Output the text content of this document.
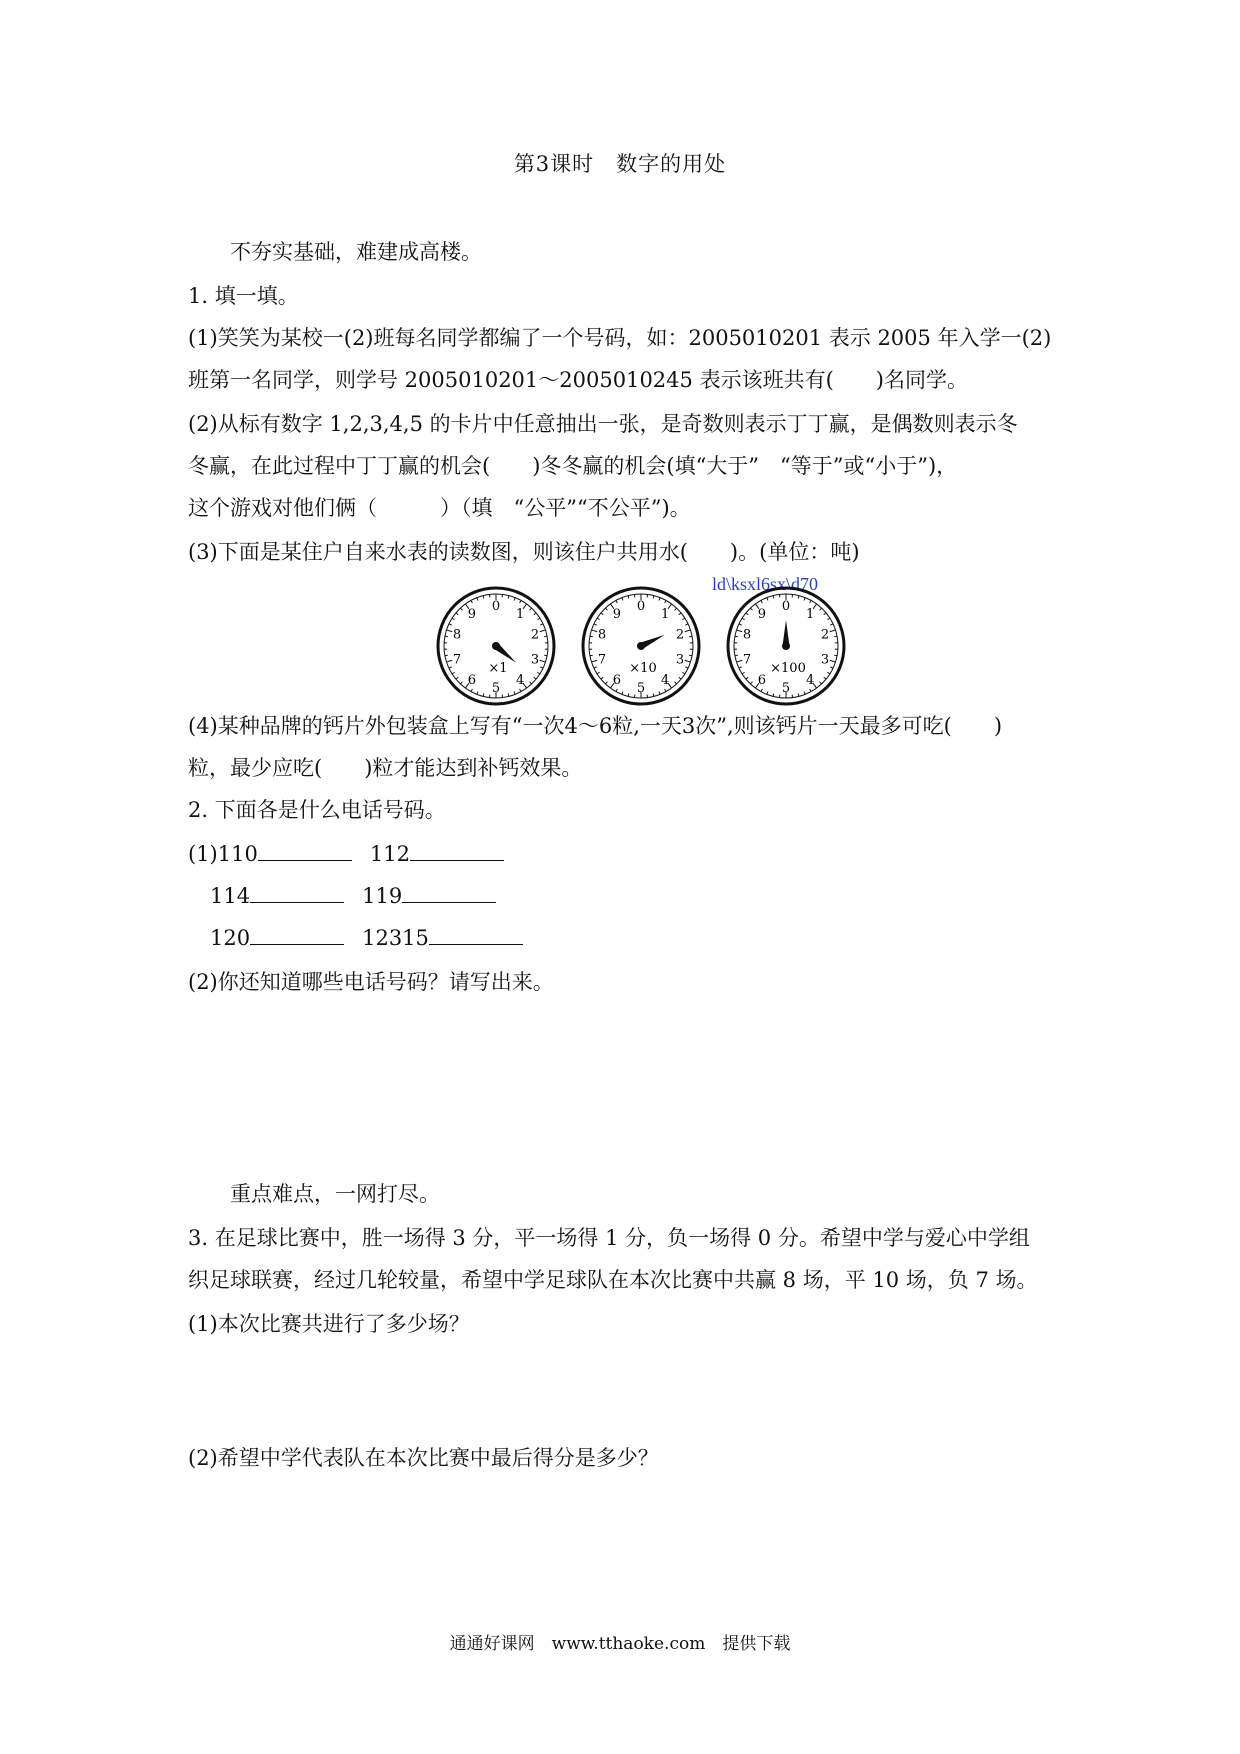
第3课时　数字的用处
不夯实基础，难建成高楼。
1. 填一填。
(1)笑笑为某校一(2)班每名同学都编了一个号码，如：2005010201 表示 2005 年入学一(2)
班第一名同学，则学号 2005010201～2005010245 表示该班共有(　　)名同学。
(2)从标有数字 1,2,3,4,5 的卡片中任意抽出一张，是奇数则表示丁丁赢，是偶数则表示冬
冬赢，在此过程中丁丁赢的机会(　　)冬冬赢的机会(填“大于”　“等于”或“小于”)，
这个游戏对他们俩（　　　）（填　“公平”“不公平”)。
(3)下面是某住户自来水表的读数图，则该住户共用水(　　)。(单位：吨)
ld\ksxl6sx\d70
0
1
2
3
4
5
6
7
8
9
×1
0
1
2
3
4
5
6
7
8
9
×10
0
1
2
3
4
5
6
7
8
9
×100
(4)某种品牌的钙片外包装盒上写有“一次4～6粒,一天3次”,则该钙片一天最多可吃(　　)
粒，最少应吃(　　)粒才能达到补钙效果。
2. 下面各是什么电话号码。
(1)110	112
114	119
120	12315
(2)你还知道哪些电话号码？请写出来。
重点难点，一网打尽。
3. 在足球比赛中，胜一场得 3 分，平一场得 1 分，负一场得 0 分。希望中学与爱心中学组
织足球联赛，经过几轮较量，希望中学足球队在本次比赛中共赢 8 场，平 10 场，负 7 场。
(1)本次比赛共进行了多少场？
(2)希望中学代表队在本次比赛中最后得分是多少？
通通好课网　www.tthaoke.com　提供下载
